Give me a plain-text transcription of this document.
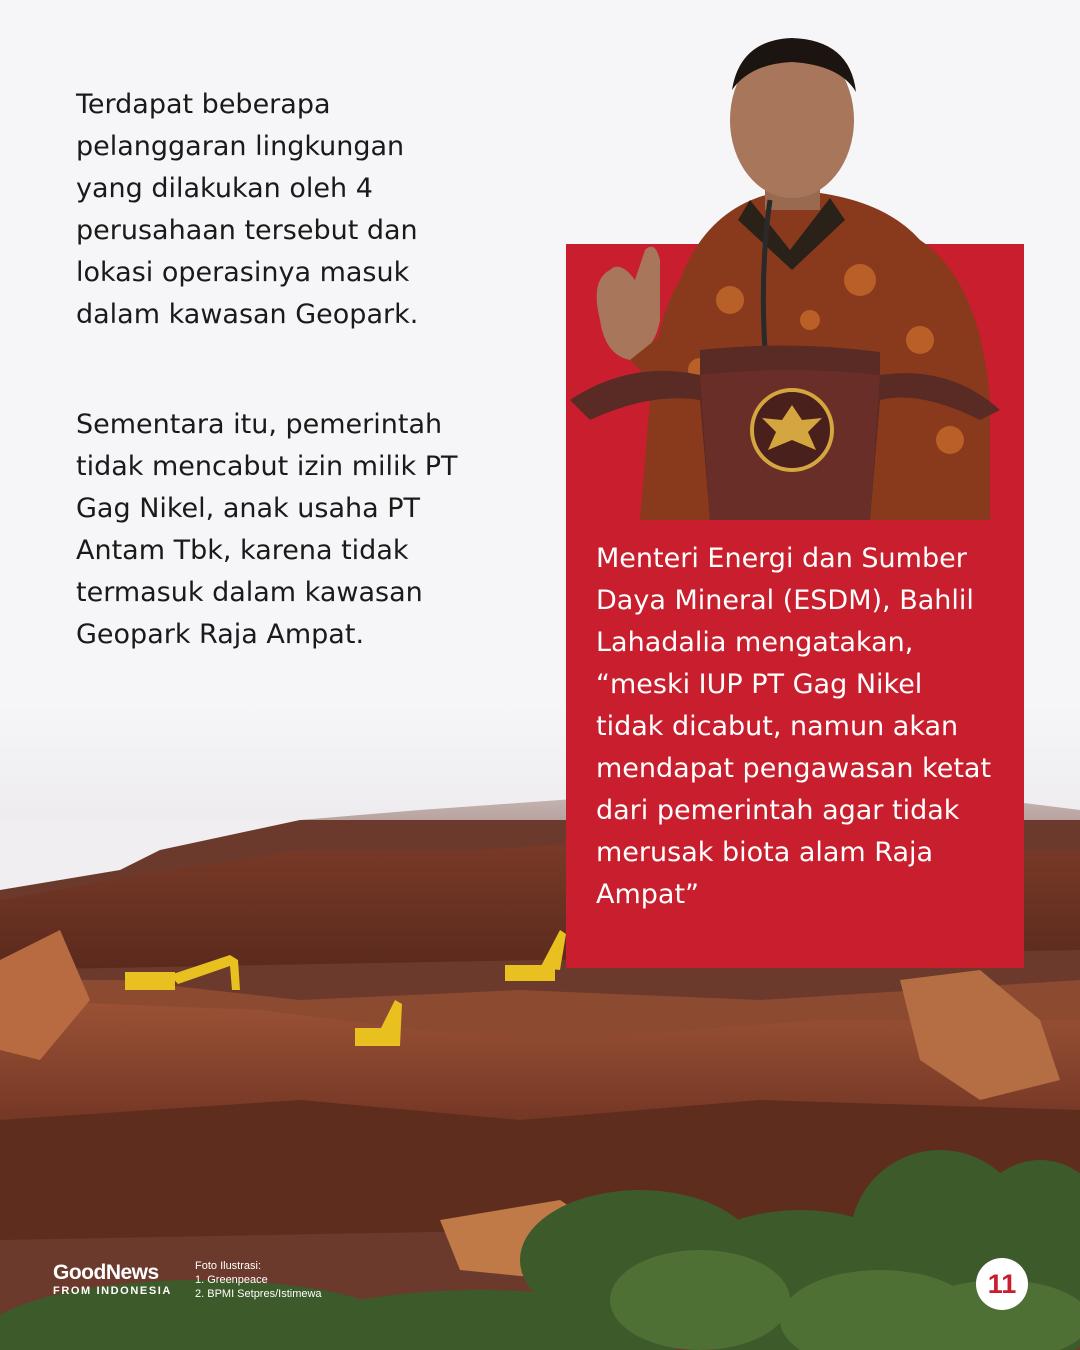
Terdapat beberapa pelanggaran lingkungan yang dilakukan oleh 4 perusahaan tersebut dan lokasi operasinya masuk dalam kawasan Geopark.

Sementara itu, pemerintah tidak mencabut izin milik PT Gag Nikel, anak usaha PT Antam Tbk, karena tidak termasuk dalam kawasan Geopark Raja Ampat.

Menteri Energi dan Sumber Daya Mineral (ESDM), Bahlil Lahadalia mengatakan, “meski IUP PT Gag Nikel tidak dicabut, namun akan mendapat pengawasan ketat dari pemerintah agar tidak merusak biota alam Raja Ampat”

GoodNews
FROM INDONESIA
Foto Ilustrasi:
1. Greenpeace
2. BPMI Setpres/Istimewa	11
